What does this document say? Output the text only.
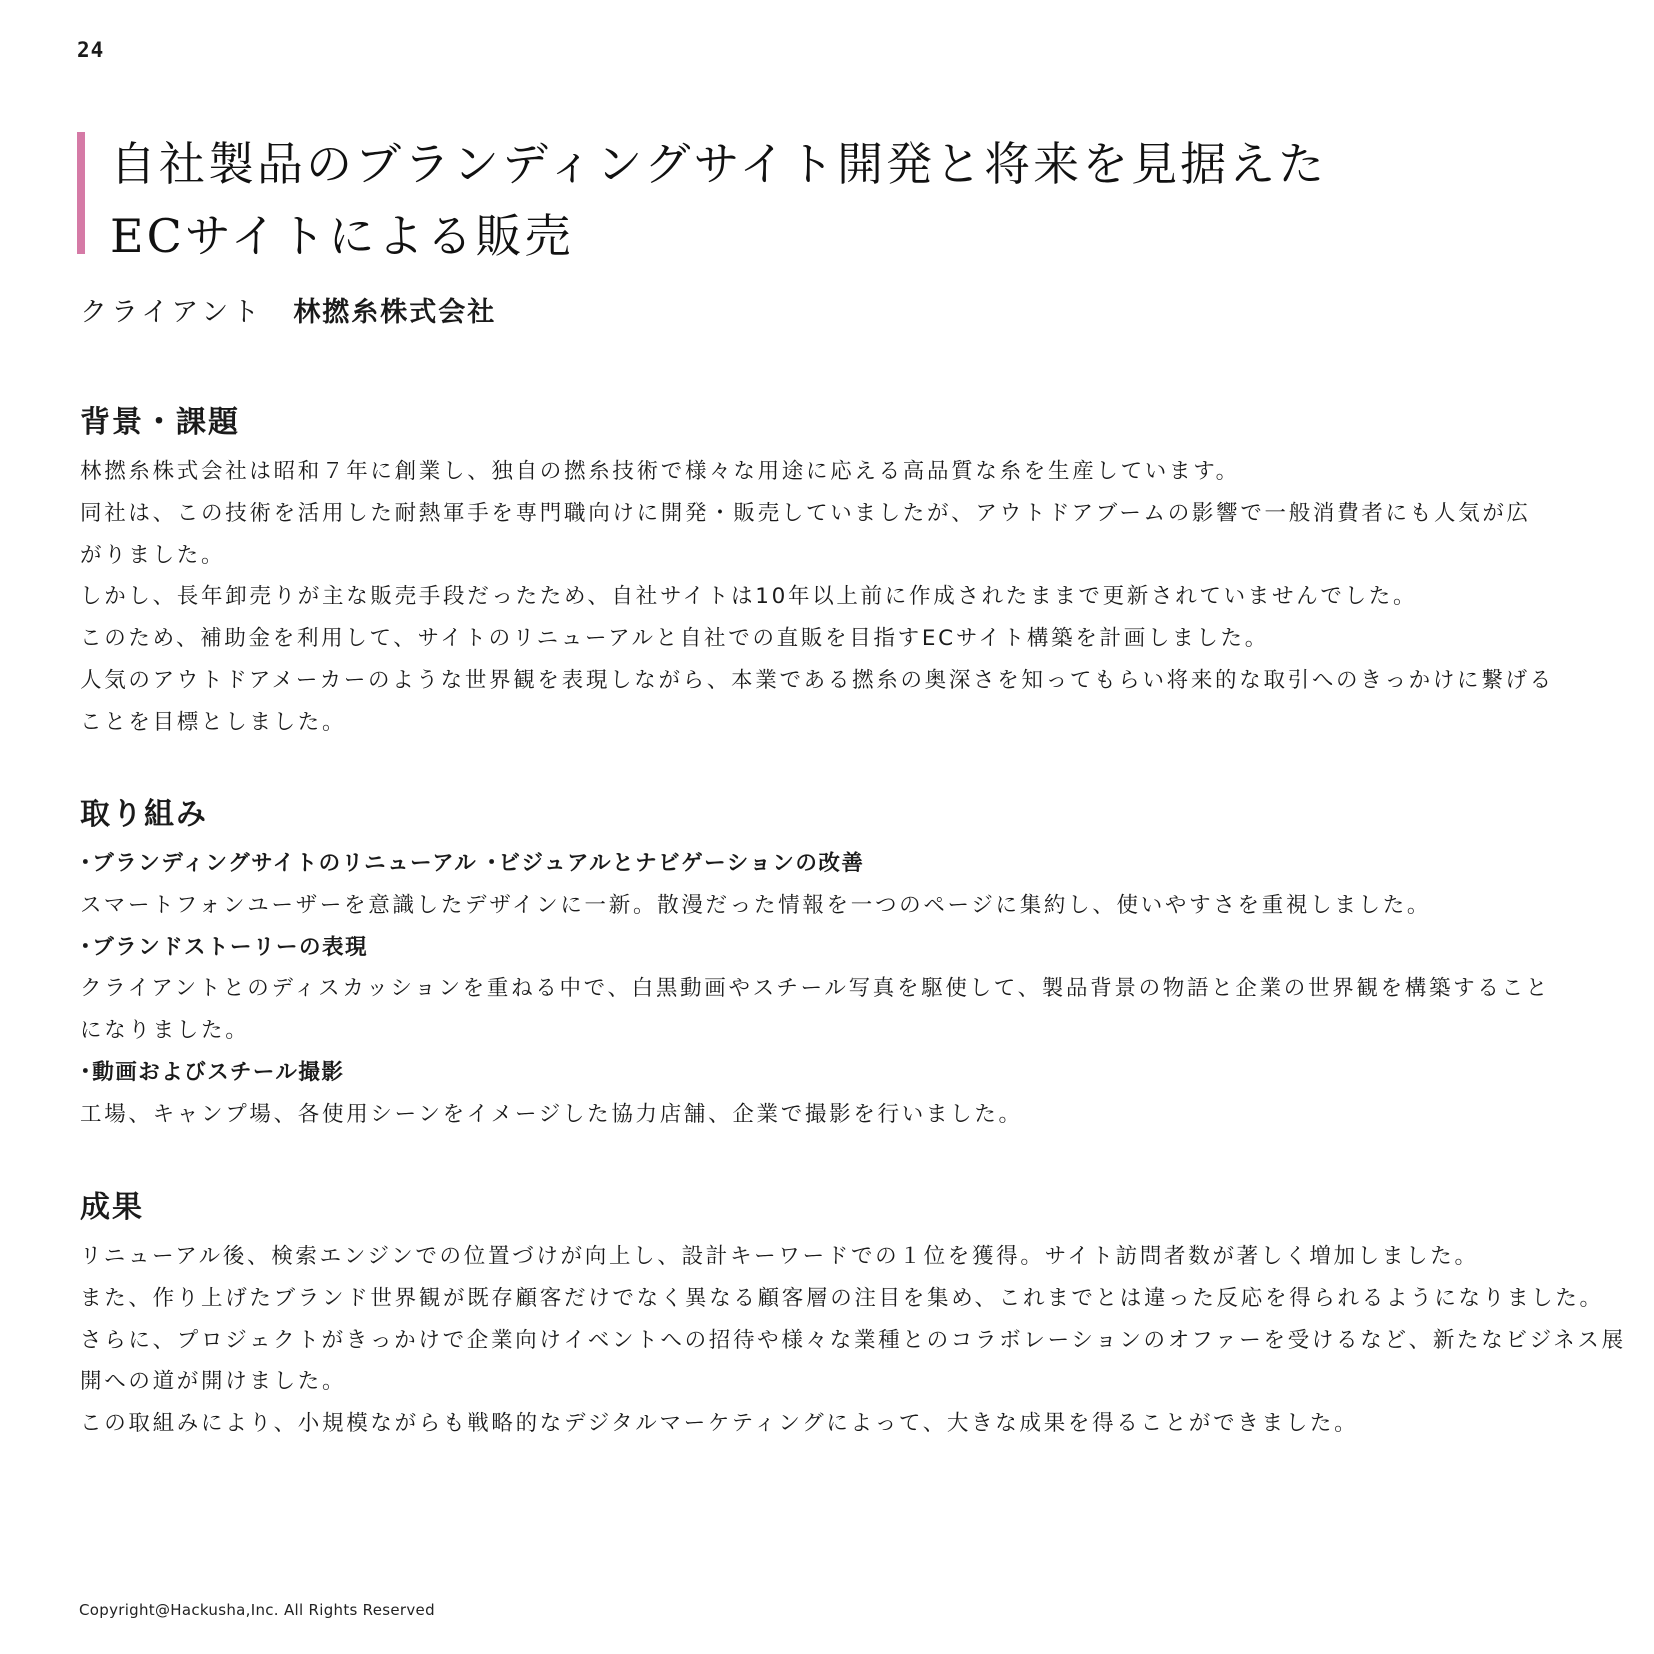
24
自社製品のブランディングサイト開発と将来を見据えた
ECサイトによる販売
クライアント 林撚糸株式会社
背景・課題
林撚糸株式会社は昭和７年に創業し、独自の撚糸技術で様々な用途に応える高品質な糸を生産しています。
同社は、この技術を活用した耐熱軍手を専門職向けに開発・販売していましたが、アウトドアブームの影響で一般消費者にも人気が広
がりました。
しかし、長年卸売りが主な販売手段だったため、自社サイトは10年以上前に作成されたままで更新されていませんでした。
このため、補助金を利用して、サイトのリニューアルと自社での直販を目指すECサイト構築を計画しました。
人気のアウトドアメーカーのような世界観を表現しながら、本業である撚糸の奥深さを知ってもらい将来的な取引へのきっかけに繋げる
ことを目標としました。
取り組み
･ブランディングサイトのリニューアル ･ビジュアルとナビゲーションの改善
スマートフォンユーザーを意識したデザインに一新。散漫だった情報を一つのページに集約し、使いやすさを重視しました。
･ブランドストーリーの表現
クライアントとのディスカッションを重ねる中で、白黒動画やスチール写真を駆使して、製品背景の物語と企業の世界観を構築すること
になりました。
･動画およびスチール撮影
工場、キャンプ場、各使用シーンをイメージした協力店舗、企業で撮影を行いました。
成果
リニューアル後、検索エンジンでの位置づけが向上し、設計キーワードでの１位を獲得。サイト訪問者数が著しく増加しました。
また、作り上げたブランド世界観が既存顧客だけでなく異なる顧客層の注目を集め、これまでとは違った反応を得られるようになりました。
さらに、プロジェクトがきっかけで企業向けイベントへの招待や様々な業種とのコラボレーションのオファーを受けるなど、新たなビジネス展
開への道が開けました。
この取組みにより、小規模ながらも戦略的なデジタルマーケティングによって、大きな成果を得ることができました。
Copyright@Hackusha,Inc. All Rights Reserved
